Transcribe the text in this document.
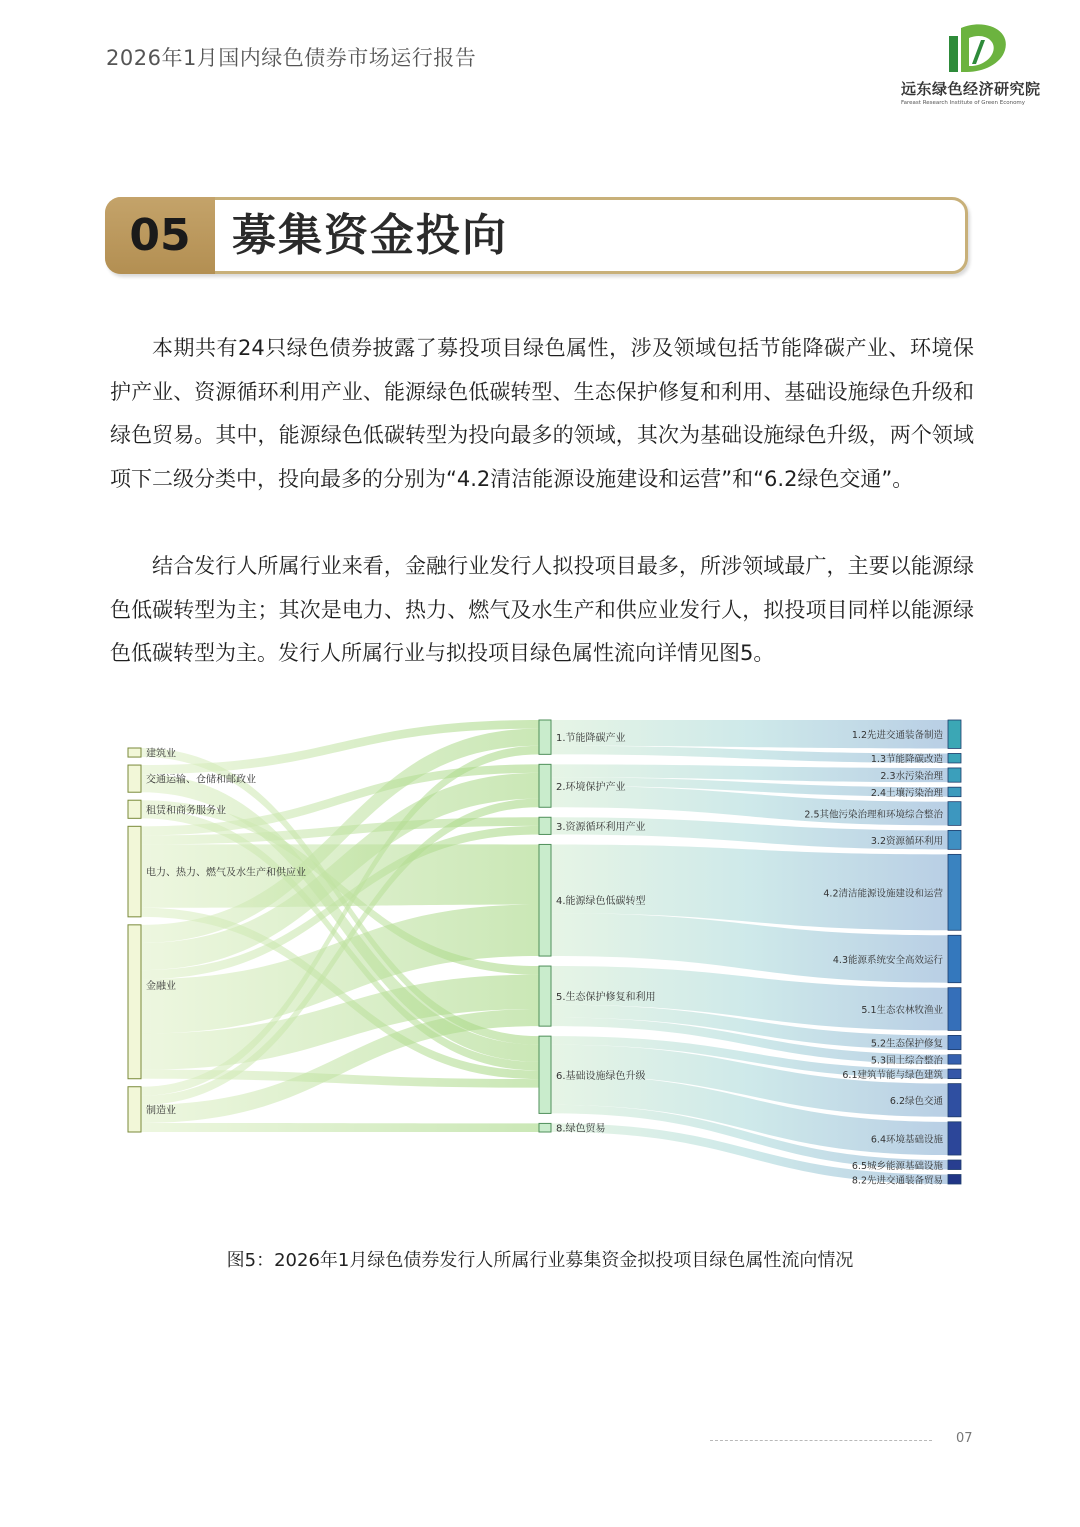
2026年1月国内绿色债券市场运行报告
远东绿色经济研究院
Fareast Research Institute of Green Economy
05 募集资金投向
本期共有24只绿色债券披露了募投项目绿色属性，涉及领域包括节能降碳产业、环境保护产业、资源循环利用产业、能源绿色低碳转型、生态保护修复和利用、基础设施绿色升级和绿色贸易。其中，能源绿色低碳转型为投向最多的领域，其次为基础设施绿色升级，两个领域项下二级分类中，投向最多的分别为“4.2清洁能源设施建设和运营”和“6.2绿色交通”。
结合发行人所属行业来看，金融行业发行人拟投项目最多，所涉领域最广，主要以能源绿色低碳转型为主；其次是电力、热力、燃气及水生产和供应业发行人，拟投项目同样以能源绿色低碳转型为主。发行人所属行业与拟投项目绿色属性流向详情见图5。
建筑业
交通运输、仓储和邮政业
租赁和商务服务业
电力、热力、燃气及水生产和供应业
金融业
制造业
1.节能降碳产业
2.环境保护产业
3.资源循环利用产业
4.能源绿色低碳转型
5.生态保护修复和利用
6.基础设施绿色升级
8.绿色贸易
1.2先进交通装备制造
1.3节能降碳改造
2.3水污染治理
2.4土壤污染治理
2.5其他污染治理和环境综合整治
3.2资源循环利用
4.2清洁能源设施建设和运营
4.3能源系统安全高效运行
5.1生态农林牧渔业
5.2生态保护修复
5.3国土综合整治
6.1建筑节能与绿色建筑
6.2绿色交通
6.4环境基础设施
6.5城乡能源基础设施
8.2先进交通装备贸易
图5：2026年1月绿色债券发行人所属行业募集资金拟投项目绿色属性流向情况
07
